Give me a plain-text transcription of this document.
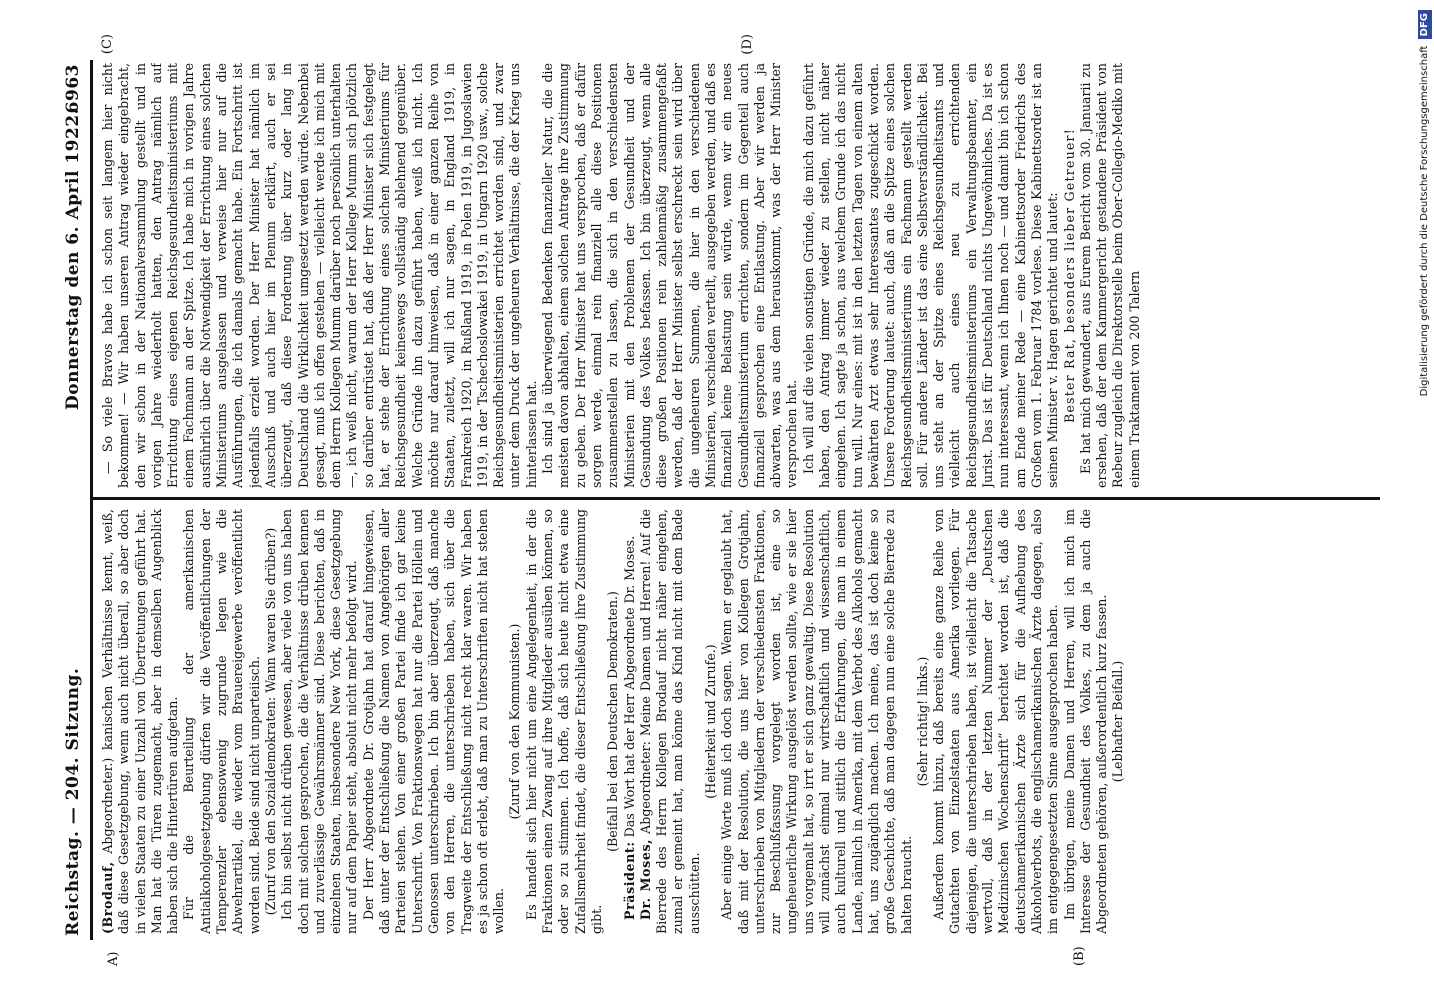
Reichstag. — 204. Sitzung.
Donnerstag den 6. April 1922.
6963
A)	(B)
(C)	(D)

(Brodauf, Abgeordneter.) kanischen Verhältnisse kennt, weiß, daß diese Gesetzgebung, wenn auch nicht überall, so aber doch in vielen Staaten zu einer Unzahl von Übertretungen geführt hat. Man hat die Türen zugemacht, aber in demselben Augenblick haben sich die Hintertüren aufgetan. Für die Beurteilung der amerikanischen Antialkoholgesetzgebung dürfen wir die Veröffentlichungen der Temperenzler ebensowenig zugrunde legen wie die Abwehrartikel, die wieder vom Brauereigewerbe veröffentlicht worden sind. Beide sind nicht unparteiisch. (Zuruf von den Sozialdemokraten: Wann waren Sie drüben?) Ich bin selbst nicht drüben gewesen, aber viele von uns haben doch mit solchen gesprochen, die die Verhältnisse drüben kennen und zuverlässige Gewährsmänner sind. Diese berichten, daß in einzelnen Staaten, insbesondere New York, diese Gesetzgebung nur auf dem Papier steht, absolut nicht mehr befolgt wird. Der Herr Abgeordnete Dr. Grotjahn hat darauf hingewiesen, daß unter der Entschließung die Namen von Angehörigen aller Parteien stehen. Von einer großen Partei finde ich gar keine Unterschrift. Von Fraktionswegen hat nur die Partei Höllein und Genossen unterschrieben. Ich bin aber überzeugt, daß manche von den Herren, die unterschrieben haben, sich über die Tragweite der Entschließung nicht recht klar waren. Wir haben es ja schon oft erlebt, daß man zu Unterschriften nicht hat stehen wollen.

(Zuruf von den Kommunisten.) Es handelt sich hier nicht um eine Angelegenheit, in der die Fraktionen einen Zwang auf ihre Mitglieder ausüben können, so oder so zu stimmen. Ich hoffe, daß sich heute nicht etwa eine Zufallsmehrheit findet, die dieser Entschließung ihre Zustimmung gibt.

(Beifall bei den Deutschen Demokraten.)

Präsident: Das Wort hat der Herr Abgeordnete Dr. Moses.

Dr. Moses, Abgeordneter: Meine Damen und Herren! Auf die Bierrede des Herrn Kollegen Brodauf nicht näher eingehen, zumal er gemeint hat, man könne das Kind nicht mit dem Bade ausschütten.

(Heiterkeit und Zurufe.) Aber einige Worte muß ich doch sagen. Wenn er geglaubt hat, daß mit der Resolution, die uns hier von Kollegen Grotjahn, unterschrieben von Mitgliedern der verschiedensten Fraktionen, zur Beschlußfassung vorgelegt worden ist, eine so ungeheuerliche Wirkung ausgelöst werden sollte, wie er sie hier uns vorgemalt hat, so irrt er sich ganz gewaltig. Diese Resolution will zunächst einmal nur wirtschaftlich und wissenschaftlich, auch kulturell und sittlich die Erfahrungen, die man in einem Lande, nämlich in Amerika, mit dem Verbot des Alkohols gemacht hat, uns zugänglich machen. Ich meine, das ist doch keine so große Geschichte, daß man dagegen nun eine solche Bierrede zu halten braucht.

(Sehr richtig! links.) Außerdem kommt hinzu, daß bereits eine ganze Reihe von Gutachten von Einzelstaaten aus Amerika vorliegen. Für diejenigen, die unterschrieben haben, ist vielleicht die Tatsache wertvoll, daß in der letzten Nummer der „Deutschen Medizinischen Wochenschrift“ berichtet worden ist, daß die deutschamerikanischen Ärzte sich für die Aufhebung des Alkoholverbots, die englischamerikanischen Ärzte dagegen, also im entgegengesetzten Sinne ausgesprochen haben. Im übrigen, meine Damen und Herren, will ich mich im Interesse der Gesundheit des Volkes, zu dem ja auch die Abgeordneten gehören, außerordentlich kurz fassen. (Lebhafter Beifall.)

— So viele Bravos habe ich schon seit langem hier nicht bekommen! — Wir haben unseren Antrag wieder eingebracht, den wir schon in der Nationalversammlung gestellt und in vorigen Jahre wiederholt hatten, den Antrag nämlich auf Errichtung eines eigenen Reichsgesundheitsministeriums mit einem Fachmann an der Spitze. Ich habe mich in vorigen Jahre ausführlich über die Notwendigkeit der Errichtung eines solchen Ministeriums ausgelassen und verweise hier nur auf die Ausführungen, die ich damals gemacht habe. Ein Fortschritt ist jedenfalls erzielt worden. Der Herr Minister hat nämlich im Ausschuß und auch hier im Plenum erklärt, auch er sei überzeugt, daß diese Forderung über kurz oder lang in Deutschland die Wirklichkeit umgesetzt werden würde. Nebenbei gesagt, muß ich offen gestehen — vielleicht werde ich mich mit dem Herrn Kollegen Mumm darüber noch persönlich unterhalten —, ich weiß nicht, warum der Herr Kollege Mumm sich plötzlich so darüber entrüstet hat, daß der Herr Minister sich festgelegt hat, er stehe der Errichtung eines solchen Ministeriums für Reichsgesundheit keineswegs vollständig ablehnend gegenüber. Welche Gründe ihn dazu geführt haben, weiß ich nicht. Ich möchte nur darauf hinweisen, daß in einer ganzen Reihe von Staaten, zuletzt, will ich nur sagen, in England 1919, in Frankreich 1920, in Rußland 1919, in Polen 1919, in Jugoslawien 1919, in der Tschechoslowakei 1919, in Ungarn 1920 usw., solche Reichsgesundheitsministerien errichtet worden sind, und zwar unter dem Druck der ungeheuren Verhältnisse, die der Krieg uns hinterlassen hat. Ich sind ja überwiegend Bedenken finanzieller Natur, die die meisten davon abhalten, einem solchen Antrage ihre Zustimmung zu geben. Der Herr Minister hat uns versprochen, daß er dafür sorgen werde, einmal rein finanziell alle diese Positionen zusammenstellen zu lassen, die sich in den verschiedensten Ministerien mit den Problemen der Gesundheit und der Gesundung des Volkes befassen. Ich bin überzeugt, wenn alle diese großen Positionen rein zahlenmäßig zusammengefaßt werden, daß der Herr Minister selbst erschreckt sein wird über die ungeheuren Summen, die hier in den verschiedenen Ministerien, verschieden verteilt, ausgegeben werden, und daß es finanziell keine Belastung sein würde, wenn wir ein neues Gesundheitsministerium errichten, sondern im Gegenteil auch finanziell gesprochen eine Entlastung. Aber wir werden ja abwarten, was aus dem herauskommt, was der Herr Minister versprochen hat. Ich will auf die vielen sonstigen Gründe, die mich dazu geführt haben, den Antrag immer wieder zu stellen, nicht näher eingehen. Ich sagte ja schon, aus welchem Grunde ich das nicht tun will. Nur eines: mit ist in den letzten Tagen von einem alten bewährten Arzt etwas sehr Interessantes zugeschickt worden. Unsere Forderung lautet: auch, daß an die Spitze eines solchen Reichsgesundheitsministeriums ein Fachmann gestellt werden soll. Für andere Länder ist das eine Selbstverständlichkeit. Bei uns steht an der Spitze eines Reichsgesundheitsamts und vielleicht auch eines neu zu errichtenden Reichsgesundheitsministeriums ein Verwaltungsbeamter, ein Jurist. Das ist für Deutschland nichts Ungewöhnliches. Da ist es nun interessant, wenn ich Ihnen noch — und damit bin ich schon am Ende meiner Rede — eine Kabinettsorder Friedrichs des Großen vom 1. Februar 1784 vorlese. Diese Kabinettsorder ist an seinen Minister v. Hagen gerichtet und lautet: Bester Rat, besonders lieber Getreuer! Es hat mich gewundert, aus Eurem Bericht vom 30. Januarii zu ersehen, daß der dem Kammergericht gestandene Präsident von Rebeur zugleich die Direktorstelle beim Ober-Collegio-Mediko mit einem Traktament von 200 Talern	Digitalisierung gefördert durch die Deutsche Forschungsgemeinschaft DFG
